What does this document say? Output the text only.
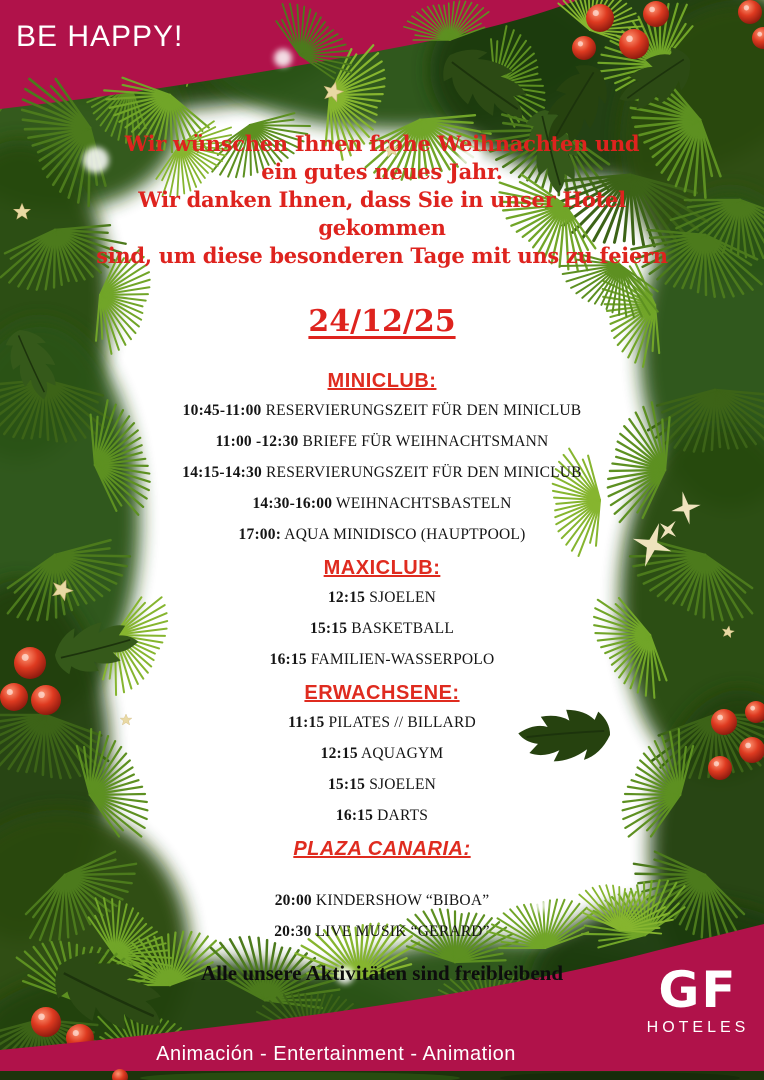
BE HAPPY!
Wir wünschen Ihnen frohe Weihnachten und
ein gutes neues Jahr.
Wir danken Ihnen, dass Sie in unser Hotel gekommen
sind, um diese besonderen Tage mit uns zu feiern
24/12/25
MINICLUB:
10:45-11:00 RESERVIERUNGSZEIT FÜR DEN MINICLUB
11:00 -12:30 BRIEFE FÜR WEIHNACHTSMANN
14:15-14:30 RESERVIERUNGSZEIT FÜR DEN MINICLUB
14:30-16:00 WEIHNACHTSBASTELN
17:00: AQUA MINIDISCO (HAUPTPOOL)
MAXICLUB:
12:15 SJOELEN
15:15 BASKETBALL
16:15 FAMILIEN-WASSERPOLO
ERWACHSENE:
11:15 PILATES // BILLARD
12:15 AQUAGYM
15:15 SJOELEN
16:15 DARTS
PLAZA CANARIA:
20:00 KINDERSHOW “BIBOA”
20:30 LIVE MUSIK “GERARD”
Alle unsere Aktivitäten sind freibleibend
Animación - Entertainment - Animation
GF
HOTELES
